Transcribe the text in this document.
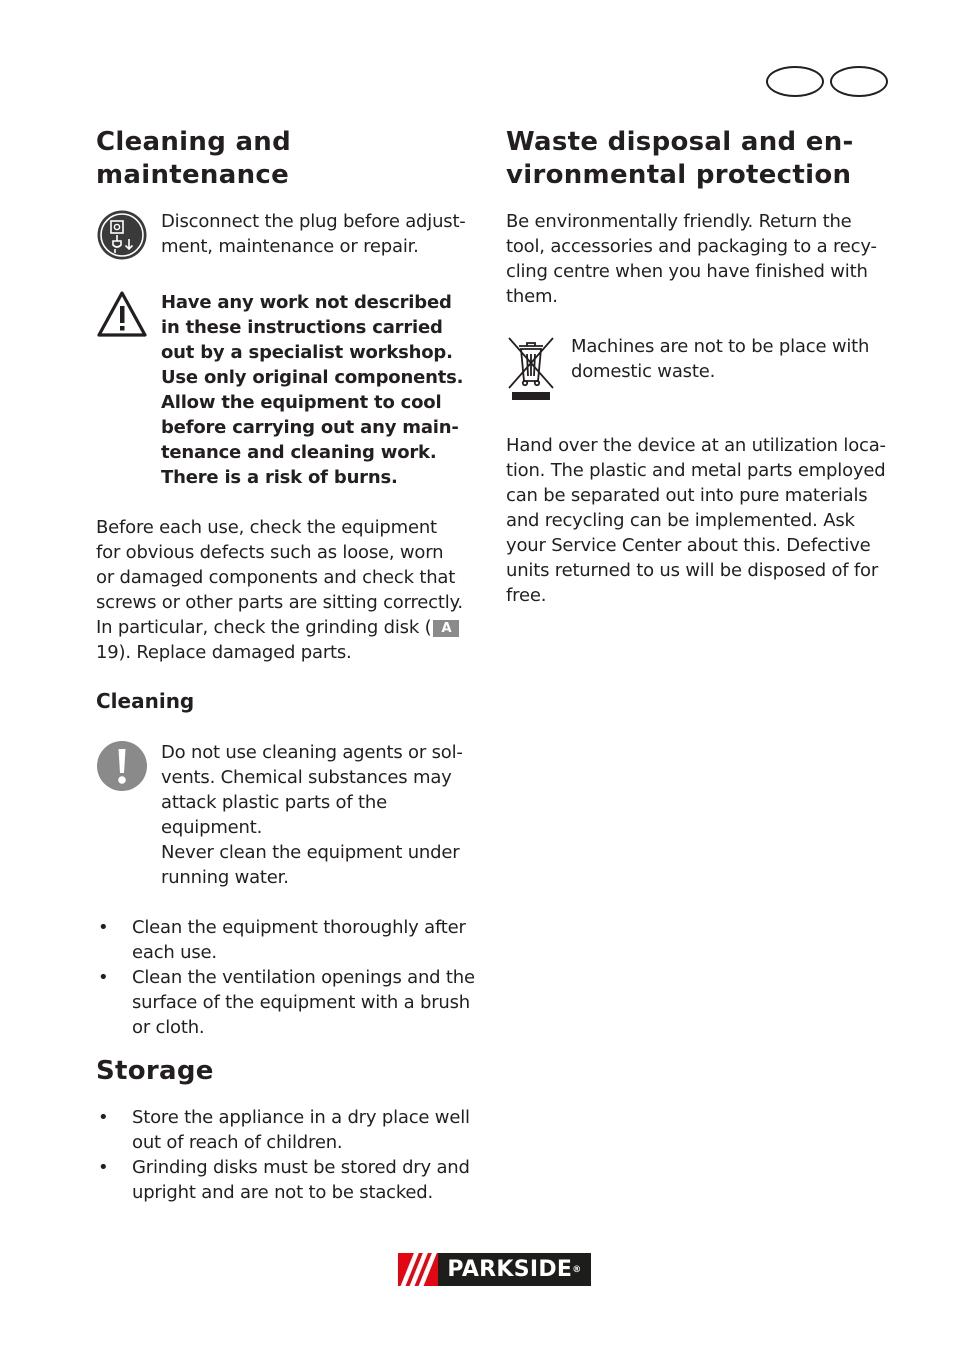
Cleaning and
maintenance

Disconnect the plug before adjust-
ment, maintenance or repair.

Have any work not described
in these instructions carried
out by a specialist workshop.
Use only original components.
Allow the equipment to cool
before carrying out any main-
tenance and cleaning work.
There is a risk of burns.

Before each use, check the equipment
for obvious defects such as loose, worn
or damaged components and check that
screws or other parts are sitting correctly.
In particular, check the grinding disk ( A
19). Replace damaged parts.

Cleaning

Do not use cleaning agents or sol-
vents. Chemical substances may
attack plastic parts of the equipment.
Never clean the equipment under
running water.

• Clean the equipment thoroughly after
each use.
• Clean the ventilation openings and the
surface of the equipment with a brush
or cloth.
Storage
• Store the appliance in a dry place well
out of reach of children.
• Grinding disks must be stored dry and
upright and are not to be stacked.
Waste disposal and en-
vironmental protection

Be environmentally friendly. Return the
tool, accessories and packaging to a recy-
cling centre when you have finished with
them.

Machines are not to be place with
domestic waste.

Hand over the device at an utilization loca-
tion. The plastic and metal parts employed
can be separated out into pure materials
and recycling can be implemented. Ask
your Service Center about this. Defective
units returned to us will be disposed of for
free.

PARKSIDE ®
